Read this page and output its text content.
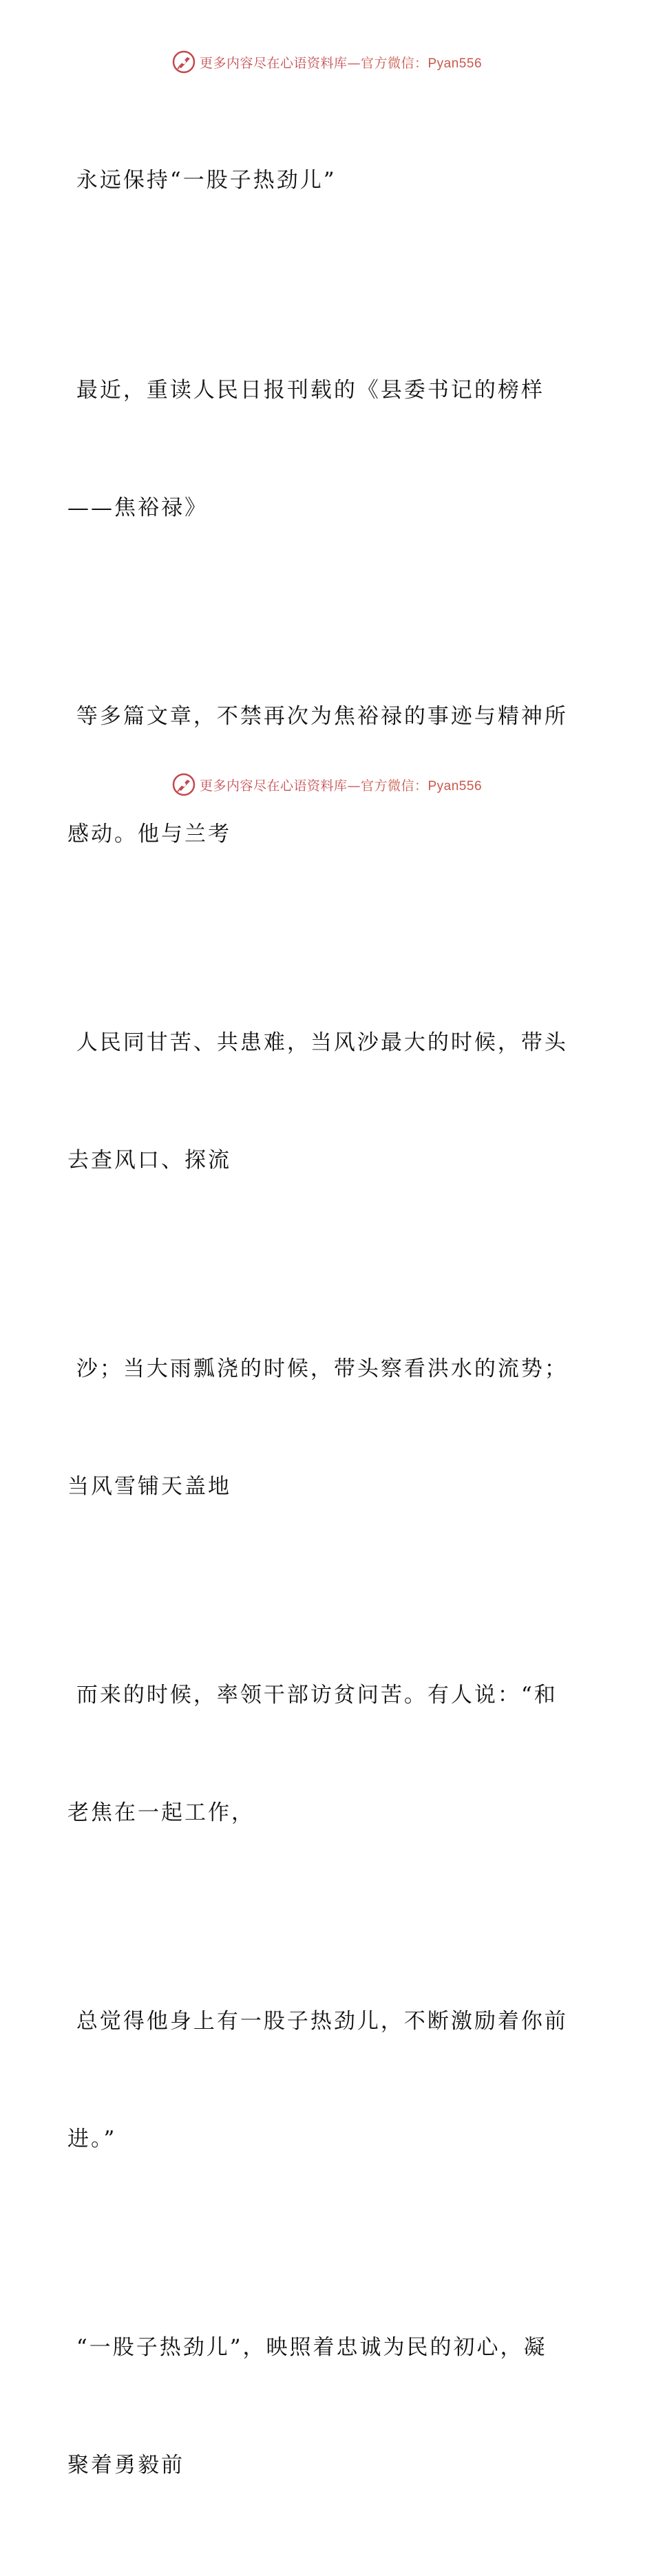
更多内容尽在心语资料库—官方微信：Pyan556

永远保持“一股子热劲儿”

最近，重读人民日报刊载的《县委书记的榜样

——焦裕禄》

等多篇文章，不禁再次为焦裕禄的事迹与精神所

感动。他与兰考

人民同甘苦、共患难，当风沙最大的时候，带头

去查风口、探流

沙；当大雨瓢浇的时候，带头察看洪水的流势；

当风雪铺天盖地

而来的时候，率领干部访贫问苦。有人说：“和

老焦在一起工作，

总觉得他身上有一股子热劲儿，不断激励着你前

进。”

“一股子热劲儿”，映照着忠诚为民的初心，凝

聚着勇毅前

更多内容尽在心语资料库—官方微信：Pyan556
